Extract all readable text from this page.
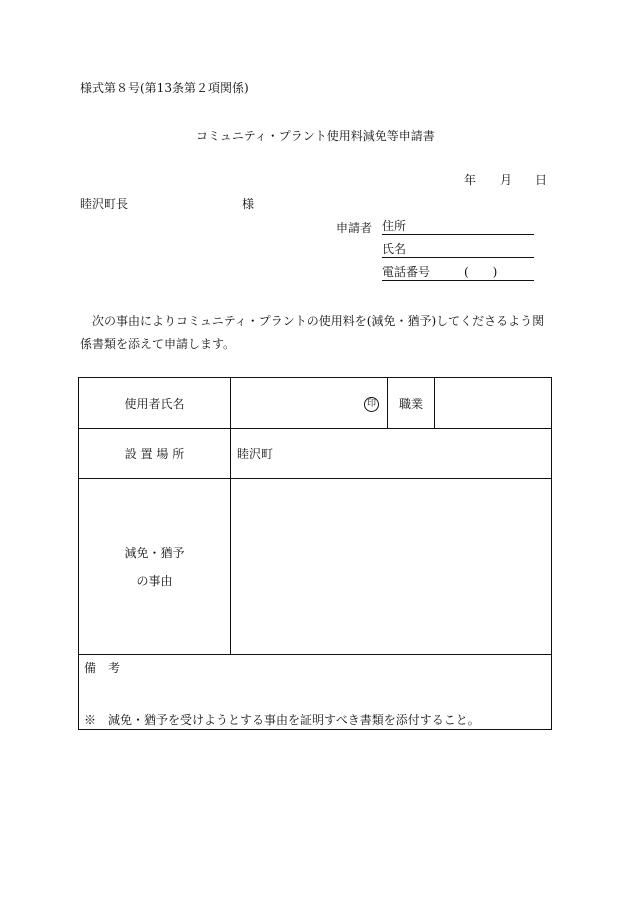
様式第８号(第13条第２項関係)
コミュニティ・プラント使用料減免等申請書
年 月 日
睦沢町長	様
申請者 住所
氏名
電話番号	(　　)
次の事由によりコミュニティ・プラントの使用料を(減免・猶予)してくださるよう関係書類を添えて申請します。
使用者氏名	印	職業	
設 置 場 所	睦沢町		

減免・猶予
の事由			

備　考
※　減免・猶予を受けようとする事由を証明すべき書類を添付すること。			
